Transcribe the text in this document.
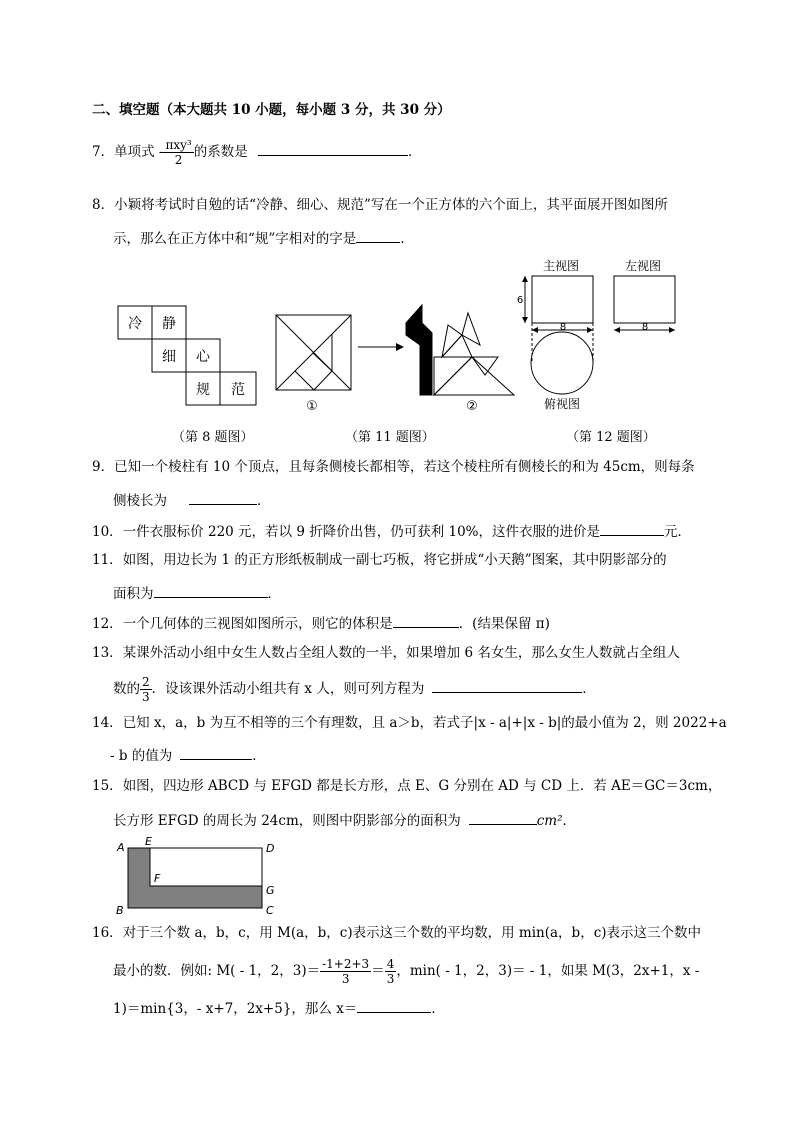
二、填空题（本大题共 10 小题，每小题 3 分，共 30 分）
7．单项式 - $\frac{\text{πxy³}}{2}$ 的系数是	．
8．小颖将考试时自勉的话“冷静、细心、规范”写在一个正方体的六个面上，其平面展开图如图所
示，那么在正方体中和“规”字相对的字是	．
冷 静
细 心
规 范
①	②
主视图	左视图
6
8	8
俯视图
（第 8 题图）	（第 11 题图）	（第 12 题图）
9．已知一个棱柱有 10 个顶点，且每条侧棱长都相等，若这个棱柱所有侧棱长的和为 45cm，则每条
侧棱长为	．
10．一件衣服标价 220 元，若以 9 折降价出售，仍可获利 10%，这件衣服的进价是	元．
11．如图，用边长为 1 的正方形纸板制成一副七巧板，将它拼成“小天鹅”图案，其中阴影部分的
面积为	．
12．一个几何体的三视图如图所示，则它的体积是	．(结果保留 π)
13．某课外活动小组中女生人数占全组人数的一半，如果增加 6 名女生，那么女生人数就占全组人
数的 $\frac{2}{3}$ ．设该课外活动小组共有 x 人，则可列方程为	．
14．已知 x，a，b 为互不相等的三个有理数，且 a＞b，若式子|x - a|+|x - b|的最小值为 2，则 2022+a
- b 的值为	．
15．如图，四边形 ABCD 与 EFGD 都是长方形，点 E、G 分别在 AD 与 CD 上．若 AE＝GC＝3cm，
长方形 EFGD 的周长为 24cm，则图中阴影部分的面积为	cm²．
A E
D
F
G
B	C
16．对于三个数 a，b，c，用 M(a，b，c)表示这三个数的平均数，用 min(a，b，c)表示这三个数中
最小的数．例如: M( - 1，2，$3)= \frac{-1+2+3}{3} = \frac{4}{3}$ ，min( - 1，2，3)＝ - 1，如果 M(3，2x+1，x -
1)＝min{3，- x+7，2x+5}，那么 x＝	．
